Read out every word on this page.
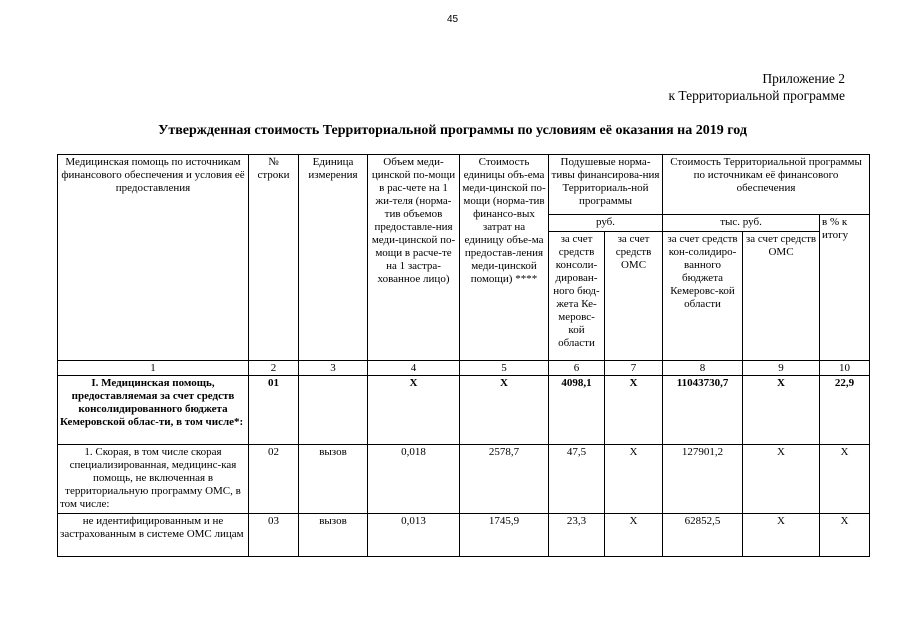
45
Приложение 2
к Территориальной программе
Утвержденная стоимость Территориальной программы по условиям её оказания на 2019 год
Медицинская помощь по источникам финансового обеспечения и условия её предоставления	№ строки	Единица измерения	Объем меди-цинской по-мощи в рас-чете на 1 жи-теля (норма-тив объемов предоставле-ния меди-цинской по-мощи в расче-те на 1 застра-хованное лицо)	Стоимость единицы объ-ема меди-цинской по-мощи (норма-тив финансо-вых затрат на единицу объе-ма предостав-ления меди-цинской помощи) ****	Подушевые норма-тивы финансирова-ния Территориаль-ной программы		Стоимость Территориальной программы по источникам её финансового обеспечения		
					руб.		тыс. руб.		в % к итогу
					за счет средств консоли-дирован-ного бюд-жета Ке-меровс-кой области	за счет средств ОМС	за счет средств кон-солидиро-ванного бюджета Кемеровс-кой области	за счет средств ОМС	
1	2	3	4	5	6	7	8	9	10
I. Медицинская помощь, предоставляемая за счет средств консолидированного бюджета Кемеровской облас-ти, в том числе*:	01		X	X	4098,1	X	11043730,7	X	22,9
1. Скорая, в том числе скорая специализированная, медицинс-кая помощь, не включенная в территориальную программу ОМС, в том числе:	02	вызов	0,018	2578,7	47,5	X	127901,2	X	X
не идентифицированным и не застрахованным в системе ОМС лицам	03	вызов	0,013	1745,9	23,3	X	62852,5	X	X
